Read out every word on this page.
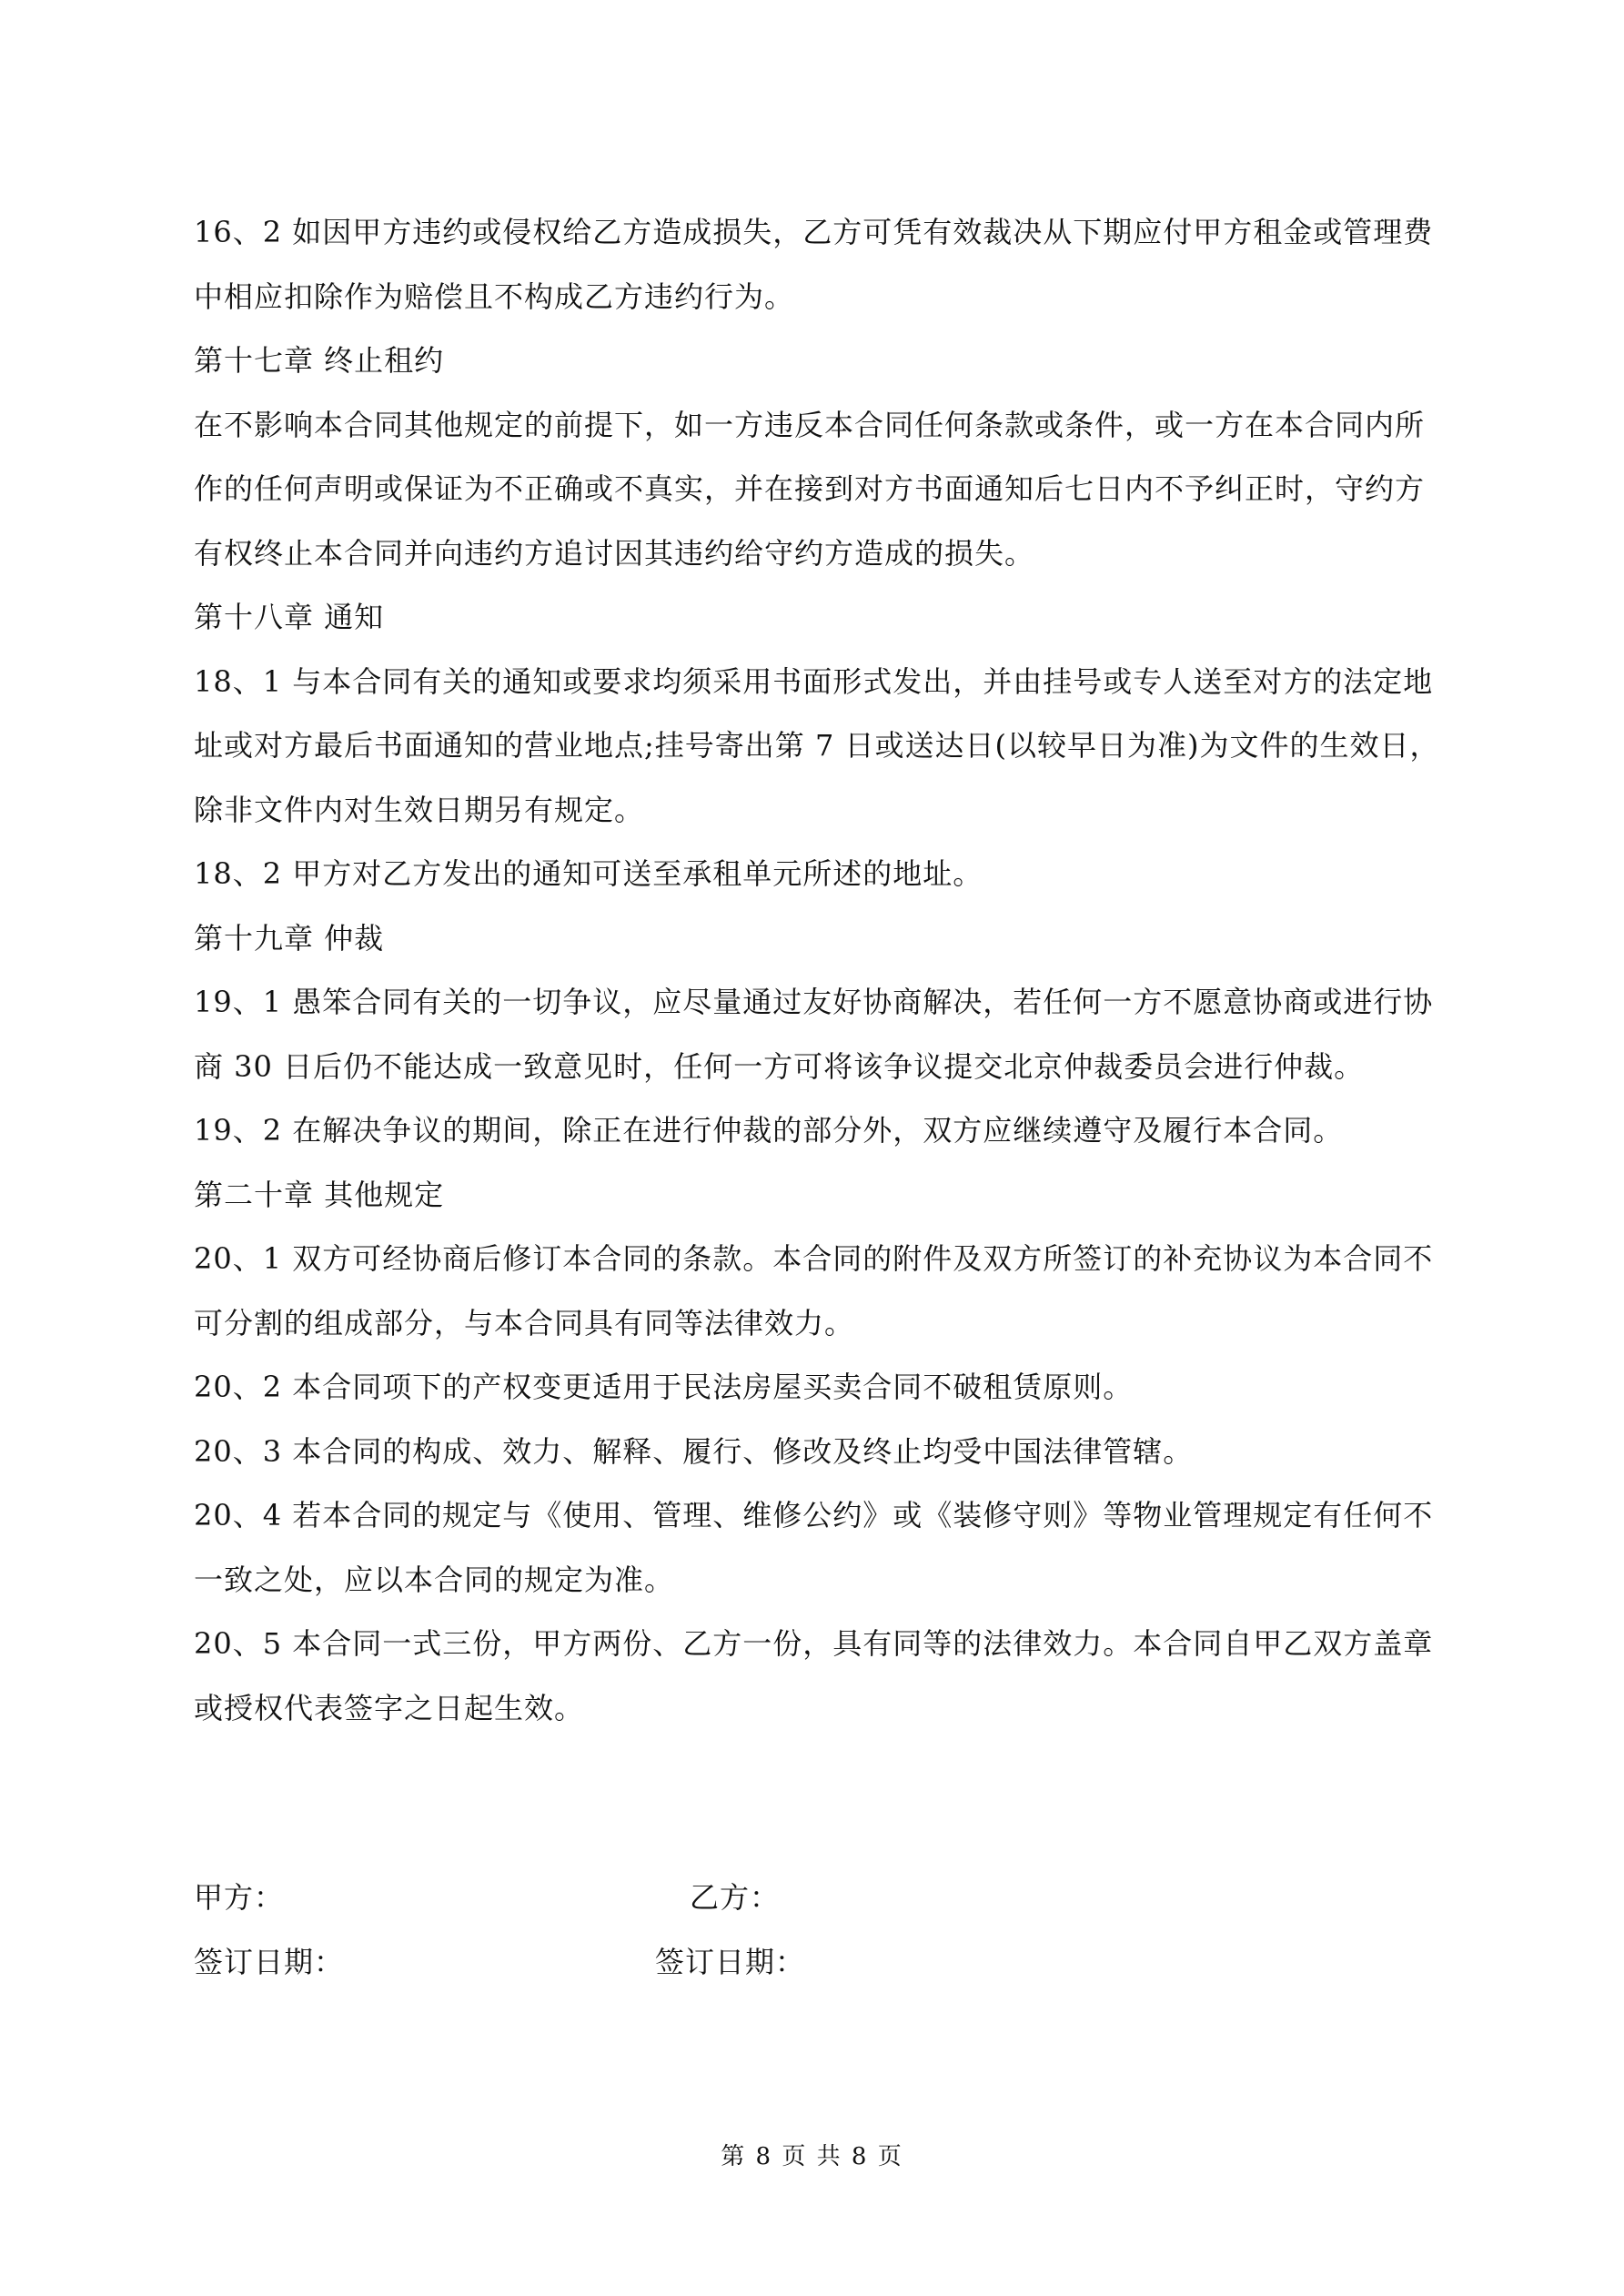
16、2 如因甲方违约或侵权给乙方造成损失，乙方可凭有效裁决从下期应付甲方租金或管理费中相应扣除作为赔偿且不构成乙方违约行为。

第十七章 终止租约

在不影响本合同其他规定的前提下，如一方违反本合同任何条款或条件，或一方在本合同内所作的任何声明或保证为不正确或不真实，并在接到对方书面通知后七日内不予纠正时，守约方有权终止本合同并向违约方追讨因其违约给守约方造成的损失。

第十八章 通知

18、1 与本合同有关的通知或要求均须采用书面形式发出，并由挂号或专人送至对方的法定地址或对方最后书面通知的营业地点;挂号寄出第 7 日或送达日(以较早日为准)为文件的生效日，除非文件内对生效日期另有规定。

18、2 甲方对乙方发出的通知可送至承租单元所述的地址。

第十九章 仲裁

19、1 愚笨合同有关的一切争议，应尽量通过友好协商解决，若任何一方不愿意协商或进行协商 30 日后仍不能达成一致意见时，任何一方可将该争议提交北京仲裁委员会进行仲裁。

19、2 在解决争议的期间，除正在进行仲裁的部分外，双方应继续遵守及履行本合同。

第二十章 其他规定

20、1 双方可经协商后修订本合同的条款。本合同的附件及双方所签订的补充协议为本合同不可分割的组成部分，与本合同具有同等法律效力。

20、2 本合同项下的产权变更适用于民法房屋买卖合同不破租赁原则。

20、3 本合同的构成、效力、解释、履行、修改及终止均受中国法律管辖。

20、4 若本合同的规定与《使用、管理、维修公约》或《装修守则》等物业管理规定有任何不一致之处，应以本合同的规定为准。

20、5 本合同一式三份，甲方两份、乙方一份，具有同等的法律效力。本合同自甲乙双方盖章或授权代表签字之日起生效。

甲方：	乙方：
签订日期：	签订日期：
第 8 页 共 8 页
